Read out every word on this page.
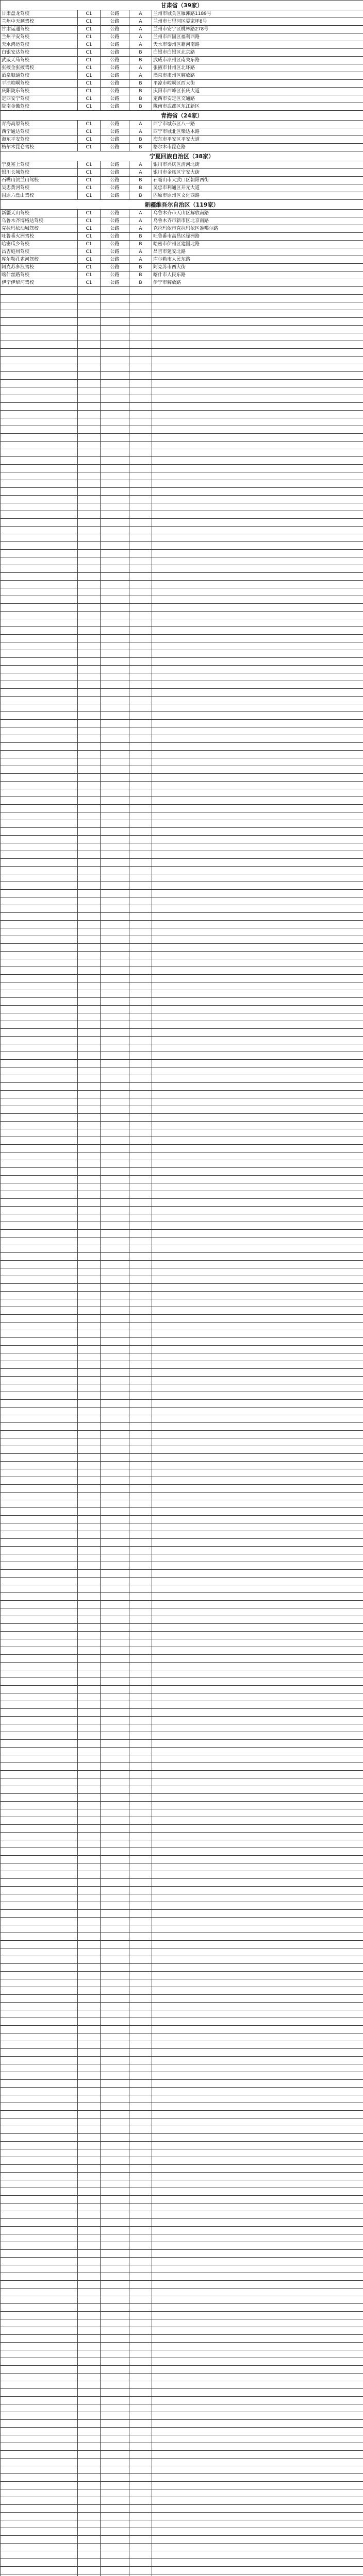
甘肃省（39家）				
甘肃盘龙驾校	C1	公路	A	兰州市城关区雁滩路1189号
兰州中天顺驾校	C1	公路	A	兰州市七里河区晏家坪8号
甘肃运通驾校	C1	公路	A	兰州市安宁区桃林路278号
兰州平安驾校	C1	公路	A	兰州市西固区福利西路
天水鸿运驾校	C1	公路	A	天水市秦州区藉河南路
白银安达驾校	C1	公路	B	白银市白银区北京路
武威天马驾校	C1	公路	B	武威市凉州区南关东路
张掖金张掖驾校	C1	公路	A	张掖市甘州区北环路
酒泉顺通驾校	C1	公路	A	酒泉市肃州区解放路
平凉崆峒驾校	C1	公路	B	平凉市崆峒区西大街
庆阳陇东驾校	C1	公路	B	庆阳市西峰区长庆大道
定西安宁驾校	C1	公路	B	定西市安定区交通路
陇南金徽驾校	C1	公路	B	陇南市武都区东江新区
青海省（24家）				
青海高原驾校	C1	公路	A	西宁市城东区八一路
西宁通达驾校	C1	公路	A	西宁市城北区柴达木路
海东平安驾校	C1	公路	B	海东市平安区平安大道
格尔木昆仑驾校	C1	公路	B	格尔木市昆仑路
宁夏回族自治区（38家）				
宁夏塞上驾校	C1	公路	A	银川市兴庆区清河北街
银川长城驾校	C1	公路	A	银川市金凤区宁安大街
石嘴山贺兰山驾校	C1	公路	B	石嘴山市大武口区朝阳西街
吴忠黄河驾校	C1	公路	B	吴忠市利通区开元大道
固原六盘山驾校	C1	公路	B	固原市原州区文化西路
新疆维吾尔自治区（119家）				
新疆天山驾校	C1	公路	A	乌鲁木齐市天山区解放南路
乌鲁木齐博格达驾校	C1	公路	A	乌鲁木齐市新市区北京南路
克拉玛依油城驾校	C1	公路	A	克拉玛依市克拉玛依区准噶尔路
吐鲁番火洲驾校	C1	公路	B	吐鲁番市高昌区绿洲路
哈密瓜乡驾校	C1	公路	B	哈密市伊州区建国北路
昌吉庭州驾校	C1	公路	A	昌吉市延安北路
库尔勒孔雀河驾校	C1	公路	A	库尔勒市人民东路
阿克苏多浪驾校	C1	公路	B	阿克苏市西大街
喀什丝路驾校	C1	公路	B	喀什市人民东路
伊宁伊犁河驾校	C1	公路	B	伊宁市解放路
